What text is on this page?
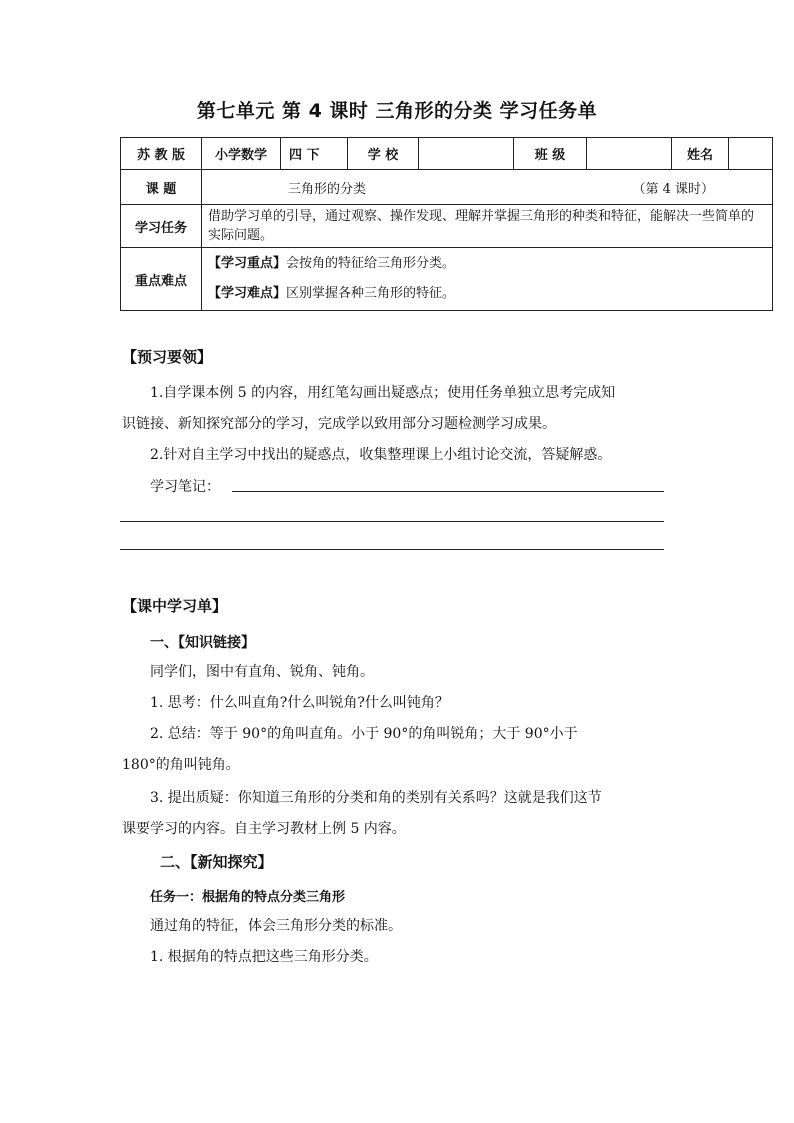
第七单元 第 4 课时 三角形的分类 学习任务单
苏 教 版	小学数学	四 下	学 校		班 级		姓名	
课 题	三角形的分类 （第 4 课时）							

学习任务	借助学习单的引导，通过观察、操作发现、理解并掌握三角形的种类和特征，能解决一些简单的实际问题。							
重点难点	【学习重点】会按角的特征给三角形分类。
【学习难点】区别掌握各种三角形的特征。							
【预习要领】
1.自学课本例 5 的内容，用红笔勾画出疑惑点；使用任务单独立思考完成知
识链接、新知探究部分的学习，完成学以致用部分习题检测学习成果。
2.针对自主学习中找出的疑惑点，收集整理课上小组讨论交流，答疑解惑。
学习笔记：
【课中学习单】
一、【知识链接】
同学们，图中有直角、锐角、钝角。
1. 思考：什么叫直角?什么叫锐角?什么叫钝角？
2. 总结：等于 90°的角叫直角。小于 90°的角叫锐角；大于 90°小于
180°的角叫钝角。
3. 提出质疑：你知道三角形的分类和角的类别有关系吗？这就是我们这节
课要学习的内容。自主学习教材上例 5 内容。
二、【新知探究】
任务一：根据角的特点分类三角形
通过角的特征，体会三角形分类的标准。
1. 根据角的特点把这些三角形分类。
